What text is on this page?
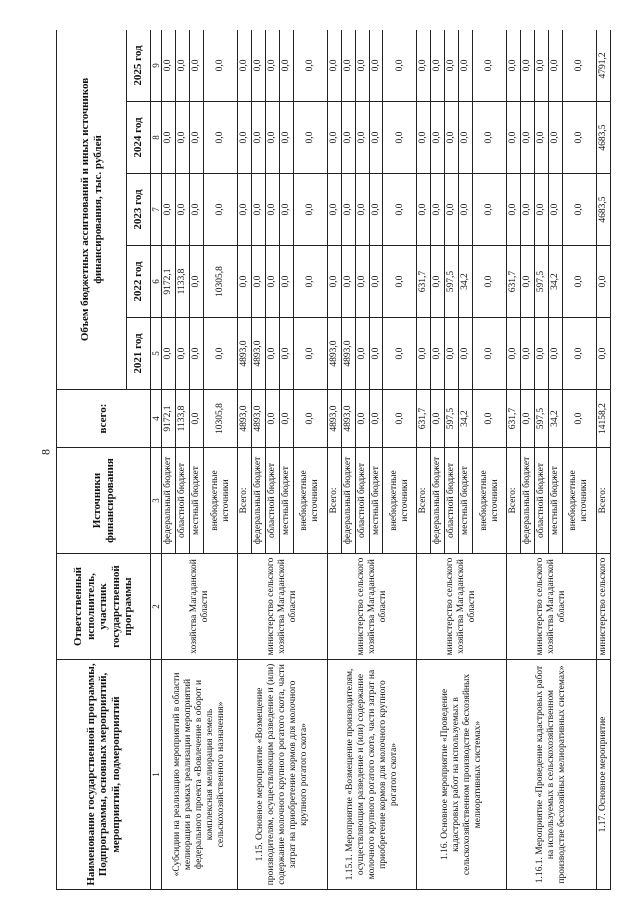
8
Наименование государственной программы, Подпрограммы, основных мероприятий, мероприятий, подмероприятий	Ответственный исполнитель, участник государственной программы	Источники финансирования	всего:	Объем бюджетных ассигнований и иных источников финансирования, тыс. рублей				
				2021 год	2022 год	2023 год	2024 год	2025 год
1	2	3	4	5	6	7	8	9
«Субсидии на реализацию мероприятий в области мелиорации в рамках реализации мероприятий федерального проекта «Вовлечение в оборот и комплексная мелиорация земель сельскохозяйственного назначения»	хозяйства Магаданской области	федеральный бюджет	9172,1	0,0	9172,1	0,0	0,0	0,0
		областной бюджет	1133,8	0,0	1133,8	0,0	0,0	0,0
		местный бюджет	0,0	0,0	0,0	0,0	0,0	0,0
		внебюджетные источники	10305,8	0,0	10305,8	0,0	0,0	0,0
1.15. Основное мероприятие «Возмещение производителям, осуществляющим разведение и (или) содержание молочного крупного рогатого скота, части затрат на приобретение кормов для молочного крупного рогатого скота»	министерство сельского хозяйства Магаданской области	Всего:	4893,0	4893,0	0,0	0,0	0,0	0,0
		федеральный бюджет	4893,0	4893,0	0,0	0,0	0,0	0,0
		областной бюджет	0,0	0,0	0,0	0,0	0,0	0,0
		местный бюджет	0,0	0,0	0,0	0,0	0,0	0,0
		внебюджетные источники	0,0	0,0	0,0	0,0	0,0	0,0
1.15.1. Мероприятие «Возмещение производителям, осуществляющим разведение и (или) содержание молочного крупного рогатого скота, части затрат на приобретение кормов для молочного крупного рогатого скота»	министерство сельского хозяйства Магаданской области	Всего:	4893,0	4893,0	0,0	0,0	0,0	0,0
		федеральный бюджет	4893,0	4893,0	0,0	0,0	0,0	0,0
		областной бюджет	0,0	0,0	0,0	0,0	0,0	0,0
		местный бюджет	0,0	0,0	0,0	0,0	0,0	0,0
		внебюджетные источники	0,0	0,0	0,0	0,0	0,0	0,0
1.16. Основное мероприятие «Проведение кадастровых работ на используемых в сельскохозяйственном производстве бесхозяйных мелиоративных системах»	министерство сельского хозяйства Магаданской области	Всего:	631,7	0,0	631,7	0,0	0,0	0,0
		федеральный бюджет	0,0	0,0	0,0	0,0	0,0	0,0
		областной бюджет	597,5	0,0	597,5	0,0	0,0	0,0
		местный бюджет	34,2	0,0	34,2	0,0	0,0	0,0
		внебюджетные источники	0,0	0,0	0,0	0,0	0,0	0,0
1.16.1. Мероприятие «Проведение кадастровых работ на используемых в сельскохозяйственном производстве бесхозяйных мелиоративных системах»	министерство сельского хозяйства Магаданской области	Всего:	631,7	0,0	631,7	0,0	0,0	0,0
		федеральный бюджет	0,0	0,0	0,0	0,0	0,0	0,0
		областной бюджет	597,5	0,0	597,5	0,0	0,0	0,0
		местный бюджет	34,2	0,0	34,2	0,0	0,0	0,0
		внебюджетные источники	0,0	0,0	0,0	0,0	0,0	0,0
1.17. Основное мероприятие	министерство сельского	Всего:	14158,2	0,0	0,0	4683,5	4683,5	4791,2
